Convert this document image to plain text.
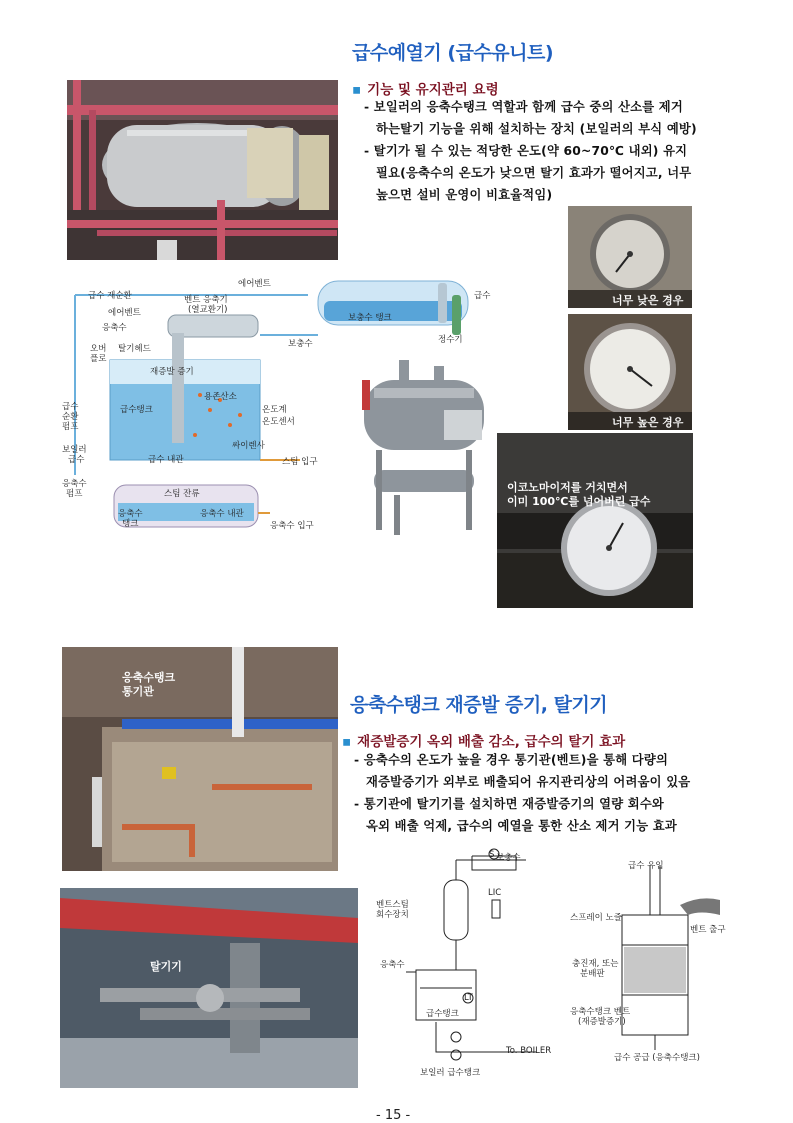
급수예열기 (급수유니트)
▪ 기능 및 유지관리 요령
- 보일러의 응축수탱크 역할과 함께 급수 중의 산소를 제거
하는탈기 기능을 위해 설치하는 장치 (보일러의 부식 예방)
- 탈기가 될 수 있는 적당한 온도(약 60~70℃ 내외) 유지
필요(응축수의 온도가 낮으면 탈기 효과가 떨어지고, 너무
높으면 설비 운영이 비효율적임)
너무 낮은 경우
너무 높은 경우
이코노마이저를 거치면서
이미 100℃를 넘어버린 급수
급수 재순환
에어벤트
벤트 응축기
(열교환기)
에어벤트
급수
응축수
오버
플로
탈기헤드
보충수 탱크
보충수	정수기
재증발 증기
급수탱크
용존산소
온도계
온도센서
급수
순환
펌프
보일러
급수
싸이렌사
급수 내관	스팀 입구
응축수
펌프	스팀 잔류
응축수
탱크
응축수 내관
응축수 입구
응축수탱크
통기관
탈기기
응축수탱크 재증발 증기, 탈기기
▪ 재증발증기 옥외 배출 감소, 급수의 탈기 효과
- 응축수의 온도가 높을 경우 통기관(벤트)을 통해 다량의
재증발증기가 외부로 배출되어 유지관리상의 어려움이 있음
- 통기관에 탈기기를 설치하면 재증발증기의 열량 회수와
옥외 배출 억제, 급수의 예열을 통한 산소 제거 기능 효과
보충수
벤트스팀
회수장치
LIC
응축수
급수탱크
LT
S
To. BOILER
보일러 급수탱크
급수 유입
스프레이 노즐
벤트 출구
충진재, 또는
분배판
응축수탱크 벤트
(재증발증기)
급수 공급 (응축수탱크)
- 15 -
